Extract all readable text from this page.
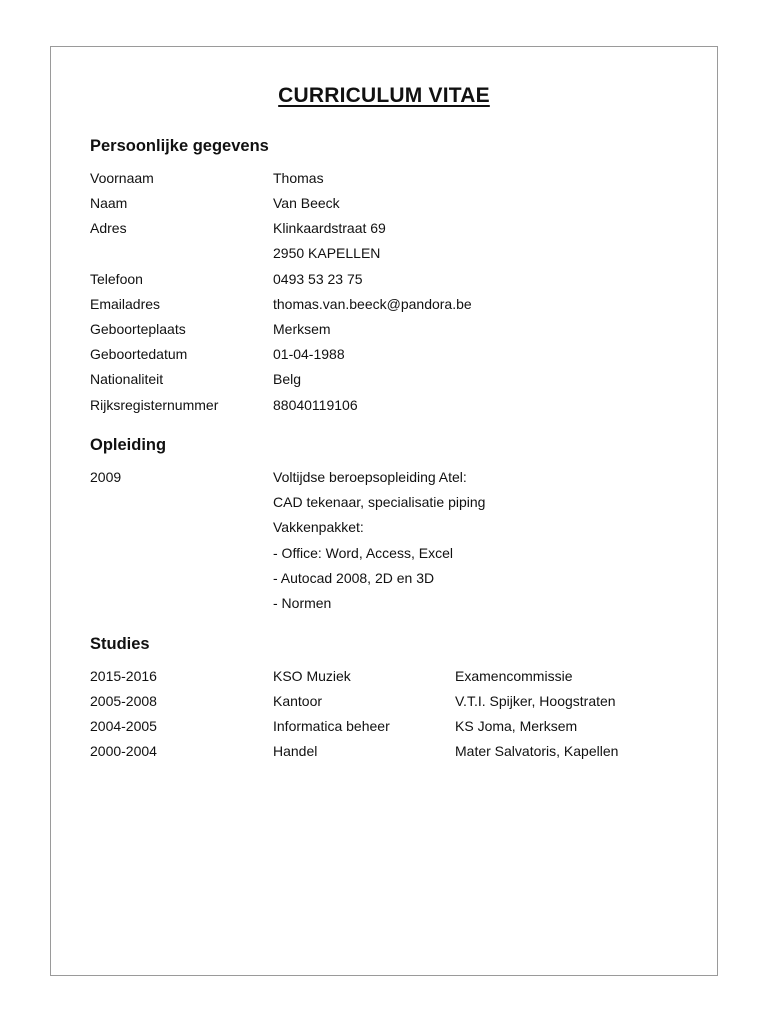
CURRICULUM VITAE
Persoonlijke gegevens
Voornaam	Thomas
Naam	Van Beeck
Adres	Klinkaardstraat 69
2950 KAPELLEN
Telefoon	0493 53 23 75
Emailadres	thomas.van.beeck@pandora.be
Geboorteplaats	Merksem
Geboortedatum	01-04-1988
Nationaliteit	Belg
Rijksregisternummer	88040119106
Opleiding
2009	Voltijdse beroepsopleiding Atel:
CAD tekenaar, specialisatie piping
Vakkenpakket:
- Office: Word, Access, Excel
- Autocad 2008, 2D en 3D
- Normen
Studies
2015-2016	KSO Muziek	Examencommissie
2005-2008	Kantoor	V.T.I. Spijker, Hoogstraten
2004-2005	Informatica beheer	KS Joma, Merksem
2000-2004	Handel	Mater Salvatoris, Kapellen
